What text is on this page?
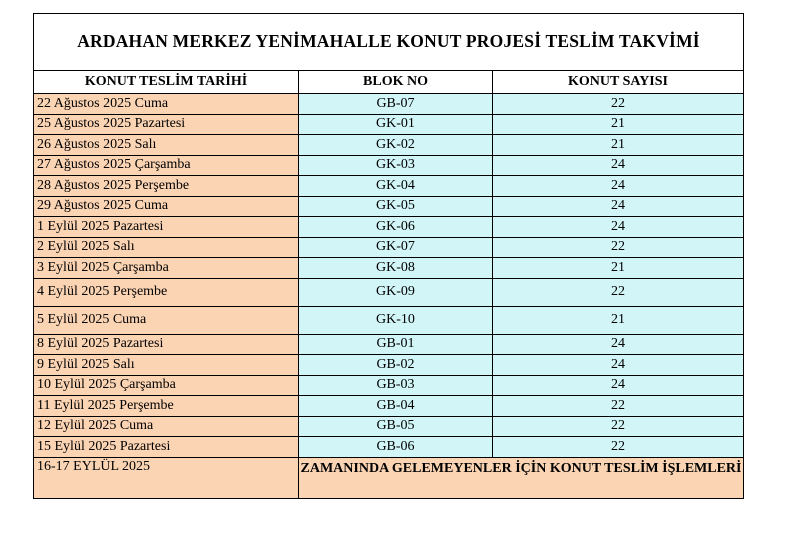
ARDAHAN MERKEZ YENİMAHALLE KONUT PROJESİ TESLİM TAKVİMİ		
KONUT TESLİM TARİHİ	BLOK NO	KONUT SAYISI
22 Ağustos 2025 Cuma	GB-07	22
25 Ağustos 2025 Pazartesi	GK-01	21
26 Ağustos 2025 Salı	GK-02	21
27 Ağustos 2025 Çarşamba	GK-03	24
28 Ağustos 2025 Perşembe	GK-04	24
29 Ağustos 2025 Cuma	GK-05	24
1 Eylül 2025 Pazartesi	GK-06	24
2 Eylül 2025 Salı	GK-07	22
3 Eylül 2025 Çarşamba	GK-08	21
4 Eylül 2025 Perşembe	GK-09	22
5 Eylül 2025 Cuma	GK-10	21
8 Eylül 2025 Pazartesi	GB-01	24
9 Eylül 2025 Salı	GB-02	24
10 Eylül 2025 Çarşamba	GB-03	24
11 Eylül 2025 Perşembe	GB-04	22
12 Eylül 2025 Cuma	GB-05	22
15 Eylül 2025 Pazartesi	GB-06	22
16-17 EYLÜL 2025	ZAMANINDA GELEMEYENLER İÇİN KONUT TESLİM İŞLEMLERİ	
